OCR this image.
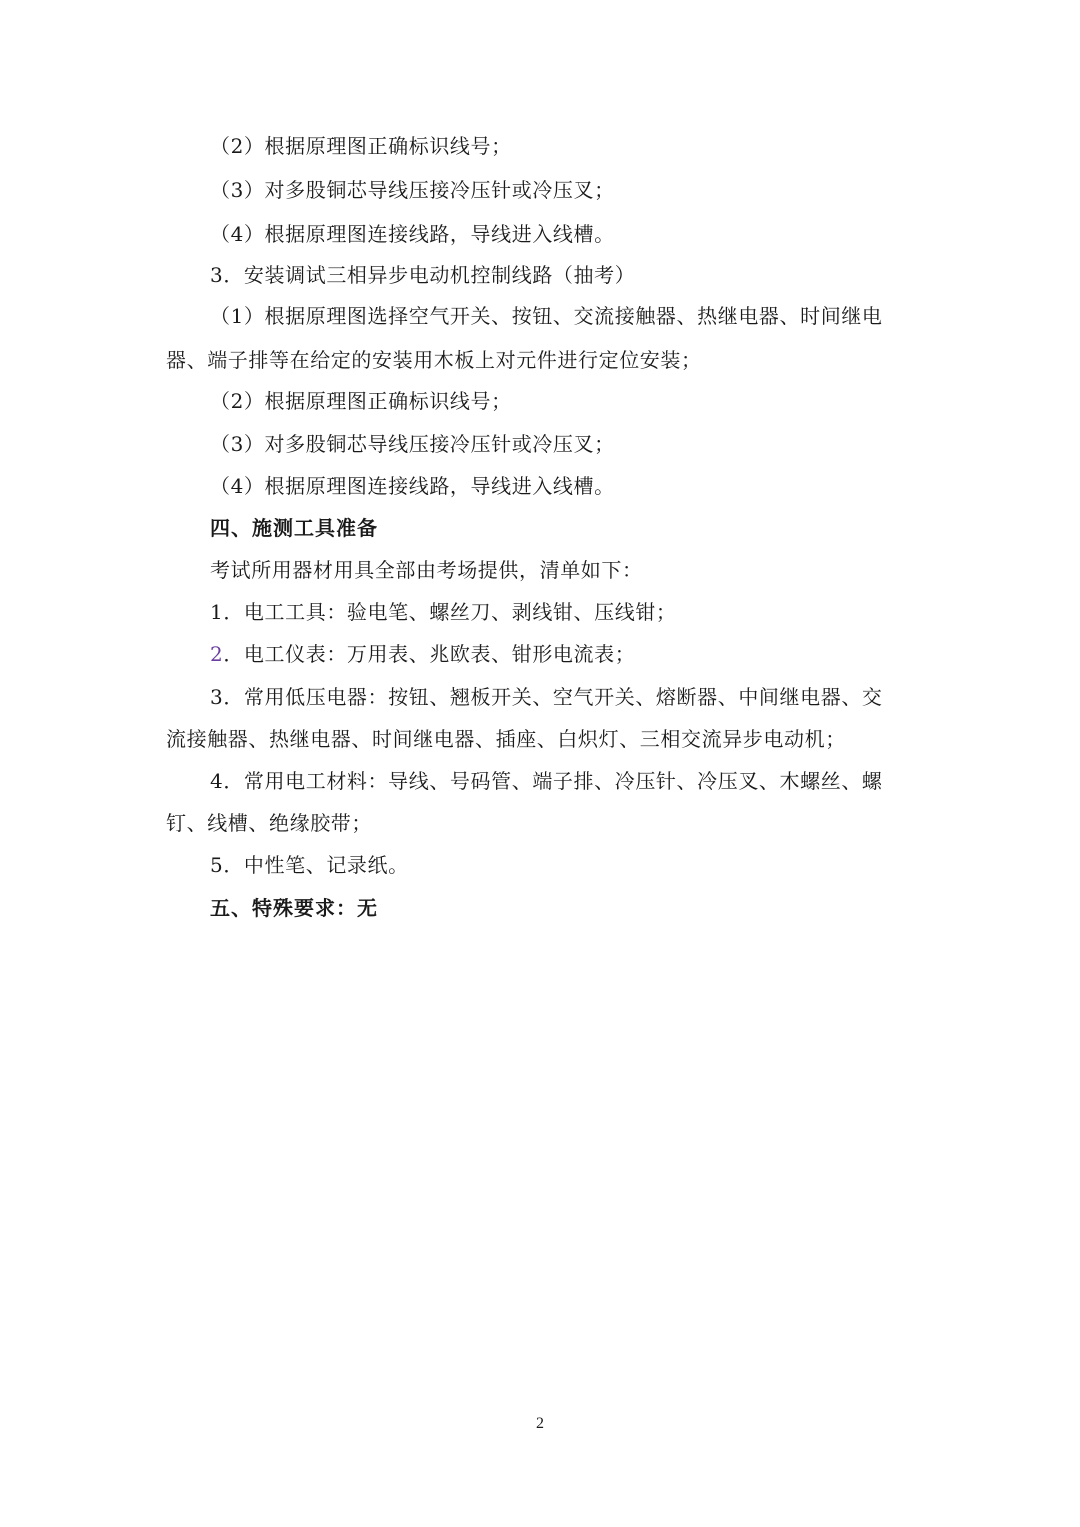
（2）根据原理图正确标识线号；
（3）对多股铜芯导线压接冷压针或冷压叉；
（4）根据原理图连接线路，导线进入线槽。
3．安装调试三相异步电动机控制线路（抽考）
（1）根据原理图选择空气开关、按钮、交流接触器、热继电器、时间继电
器、端子排等在给定的安装用木板上对元件进行定位安装；
（2）根据原理图正确标识线号；
（3）对多股铜芯导线压接冷压针或冷压叉；
（4）根据原理图连接线路，导线进入线槽。
四、施测工具准备
考试所用器材用具全部由考场提供，清单如下：
1．电工工具：验电笔、螺丝刀、剥线钳、压线钳；
2．电工仪表：万用表、兆欧表、钳形电流表；
3．常用低压电器：按钮、翘板开关、空气开关、熔断器、中间继电器、交
流接触器、热继电器、时间继电器、插座、白炽灯、三相交流异步电动机；
4．常用电工材料：导线、号码管、端子排、冷压针、冷压叉、木螺丝、螺
钉、线槽、绝缘胶带；
5．中性笔、记录纸。
五、特殊要求：无
2
